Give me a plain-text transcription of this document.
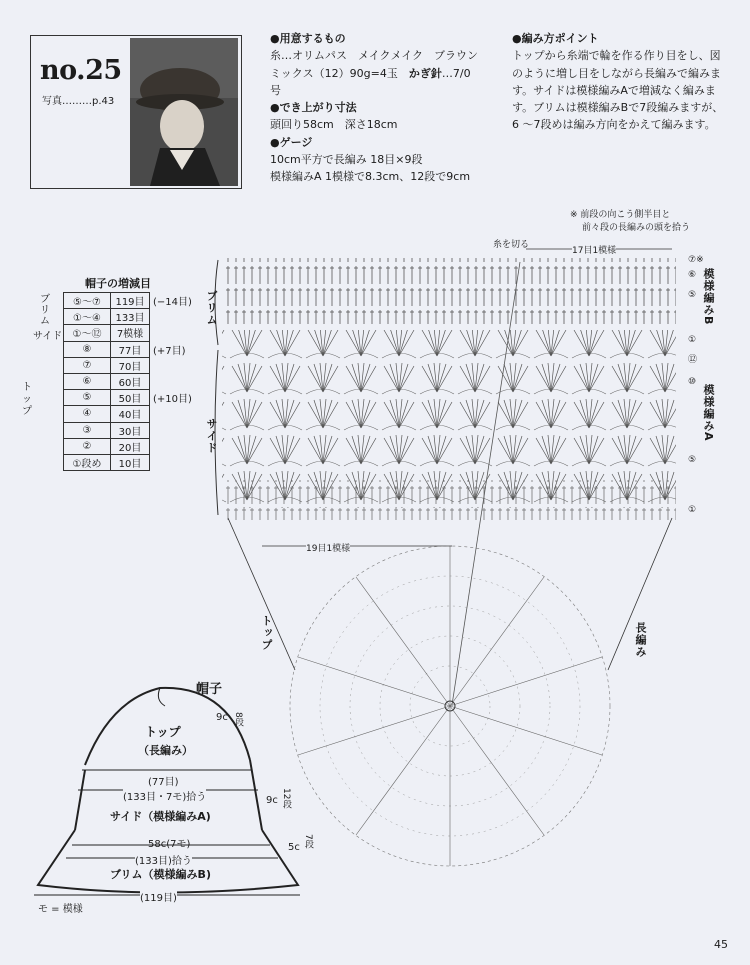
no.25
写真………p.43
●用意するもの
糸…オリムパス　メイクメイク　ブラウン
ミックス（12）90g=4玉　 かぎ針…7/0
号
●でき上がり寸法
頭回り58cm　深さ18cm
●ゲージ
10cm平方で長編み 18目×9段
模様編みA 1模様で8.3cm、12段で9cm
●編み方ポイント
トップから糸端で輪を作る作り目をし、図
のように増し目をしながら長編みで編みま
す。サイドは模様編みAで増減なく編みま
す。ブリムは模様編みBで7段編みますが、
6 〜7段めは編み方向をかえて編みます。
帽子の増減目
ブリム
サイド
トップ
	⑤〜⑦	119目	(−14目)
	①〜④	133目	
	①〜⑫	7模様	
	⑧	77目	(+7目)
	⑦	70目	
	⑥	60目	
	⑤	50目	(+10目)
	④	40目	
	③	30目	
	②	20目	
	①段め	10目	
※ 前段の向こう側半目と
前々段の長編みの頭を拾う
糸を切る
17目1模様
19目1模様
ブリム
サイド
トップ
模様編みB
模様編みA
長編み
⑦※
⑥
⑤
①
⑫
⑩
⑤
①
帽子
トップ
（長編み）
(77目)
(133目・7モ)拾う
サイド（模様編みA)
58c(7モ)
(133目)拾う
ブリム（模様編みB)
(119目)
9c 8段
9c 12段
5c 7段
モ = 模様
45
